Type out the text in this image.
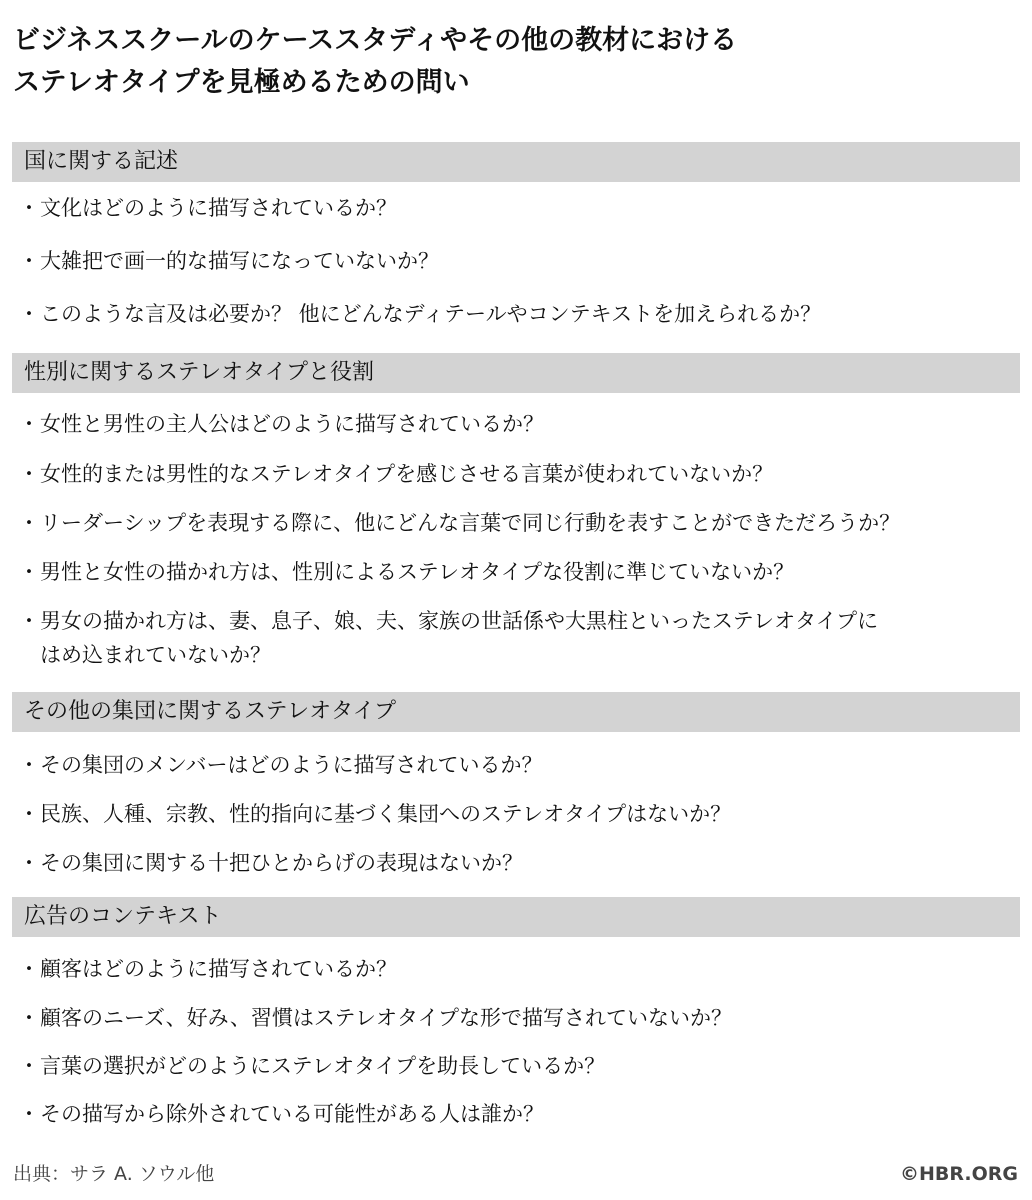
ビジネススクールのケーススタディやその他の教材における
ステレオタイプを見極めるための問い
国に関する記述
・文化はどのように描写されているか？
・大雑把で画一的な描写になっていないか？
・このような言及は必要か？ 他にどんなディテールやコンテキストを加えられるか？
性別に関するステレオタイプと役割
・女性と男性の主人公はどのように描写されているか？
・女性的または男性的なステレオタイプを感じさせる言葉が使われていないか？
・リーダーシップを表現する際に、他にどんな言葉で同じ行動を表すことができただろうか？
・男性と女性の描かれ方は、性別によるステレオタイプな役割に準じていないか？
・ 男女の描かれ方は、妻、息子、娘、夫、家族の世話係や大黒柱といったステレオタイプに
はめ込まれていないか？
その他の集団に関するステレオタイプ
・その集団のメンバーはどのように描写されているか？
・民族、人種、宗教、性的指向に基づく集団へのステレオタイプはないか？
・その集団に関する十把ひとからげの表現はないか？
広告のコンテキスト
・顧客はどのように描写されているか？
・顧客のニーズ、好み、習慣はステレオタイプな形で描写されていないか？
・言葉の選択がどのようにステレオタイプを助長しているか？
・その描写から除外されている可能性がある人は誰か？
出典：サラ A. ソウル他	©HBR.ORG
